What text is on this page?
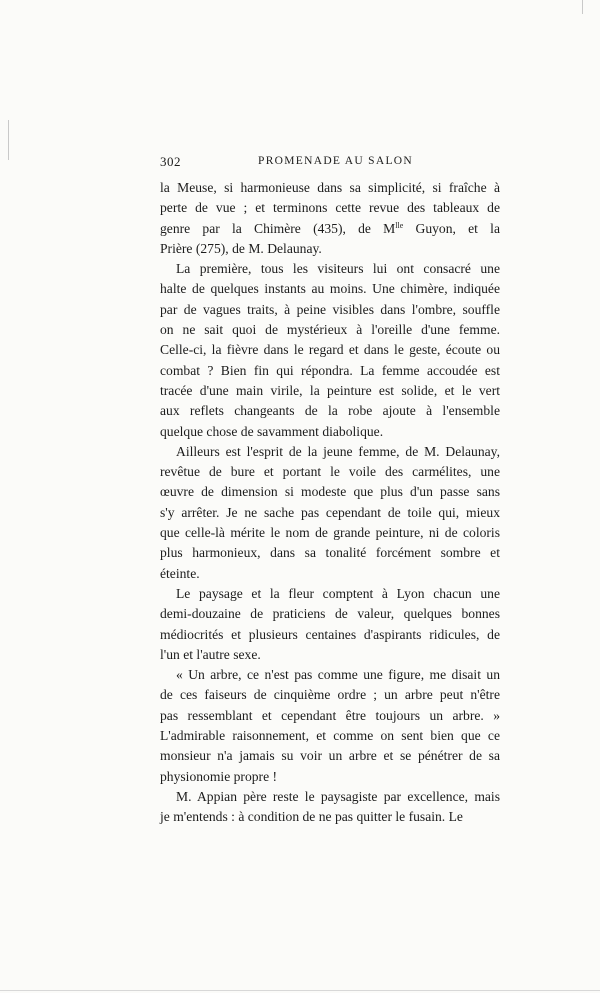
302	PROMENADE AU SALON

la Meuse, si harmonieuse dans sa simplicité, si fraîche à
perte de vue ; et terminons cette revue des tableaux de
genre par la Chimère (435), de $M^{lle}$ Guyon, et la
Prière (275), de M. Delaunay.

La première, tous les visiteurs lui ont consacré une
halte de quelques instants au moins. Une chimère, indiquée
par de vagues traits, à peine visibles dans l'ombre, souffle
on ne sait quoi de mystérieux à l'oreille d'une femme.
Celle-ci, la fièvre dans le regard et dans le geste, écoute ou
combat ? Bien fin qui répondra. La femme accoudée est
tracée d'une main virile, la peinture est solide, et le vert
aux reflets changeants de la robe ajoute à l'ensemble
quelque chose de savamment diabolique.

Ailleurs est l'esprit de la jeune femme, de M. Delaunay,
revêtue de bure et portant le voile des carmélites, une
œuvre de dimension si modeste que plus d'un passe sans
s'y arrêter. Je ne sache pas cependant de toile qui, mieux
que celle-là mérite le nom de grande peinture, ni de coloris
plus harmonieux, dans sa tonalité forcément sombre et
éteinte.

Le paysage et la fleur comptent à Lyon chacun une
demi-douzaine de praticiens de valeur, quelques bonnes
médiocrités et plusieurs centaines d'aspirants ridicules, de
l'un et l'autre sexe.

« Un arbre, ce n'est pas comme une figure, me disait un
de ces faiseurs de cinquième ordre ; un arbre peut n'être
pas ressemblant et cependant être toujours un arbre. »
L'admirable raisonnement, et comme on sent bien que ce
monsieur n'a jamais su voir un arbre et se pénétrer de sa
physionomie propre !

M. Appian père reste le paysagiste par excellence, mais
je m'entends : à condition de ne pas quitter le fusain. Le
